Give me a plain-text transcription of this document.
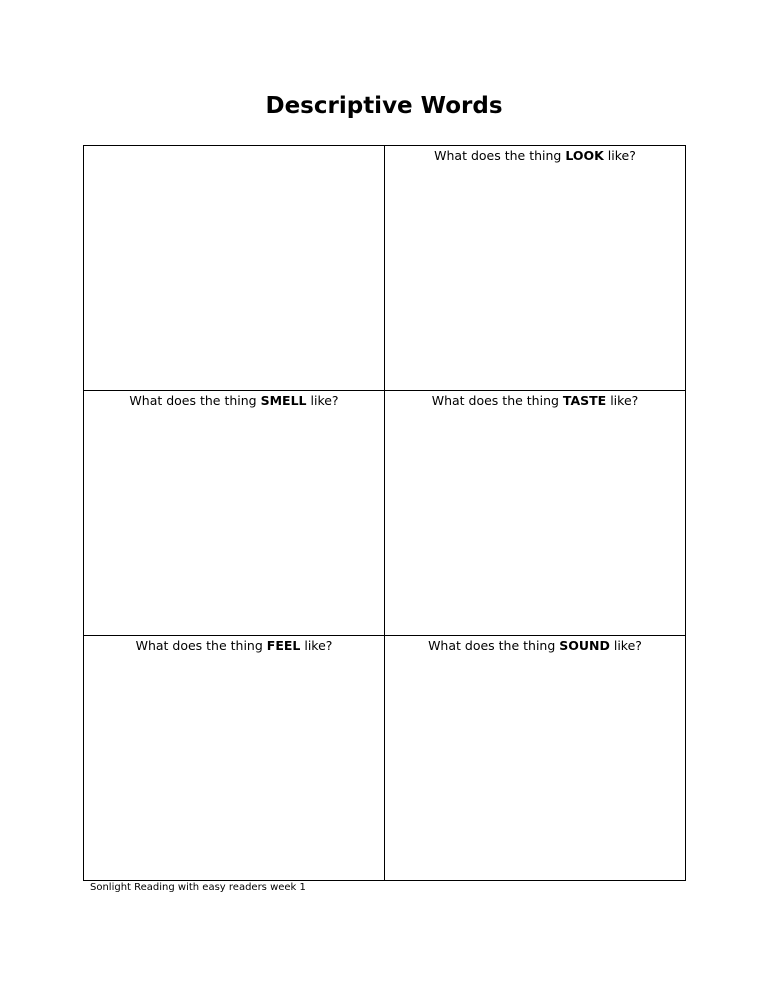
Descriptive Words
What does the thing LOOK like?
What does the thing SMELL like?	What does the thing TASTE like?
What does the thing FEEL like?	What does the thing SOUND like?
Sonlight Reading with easy readers week 1
